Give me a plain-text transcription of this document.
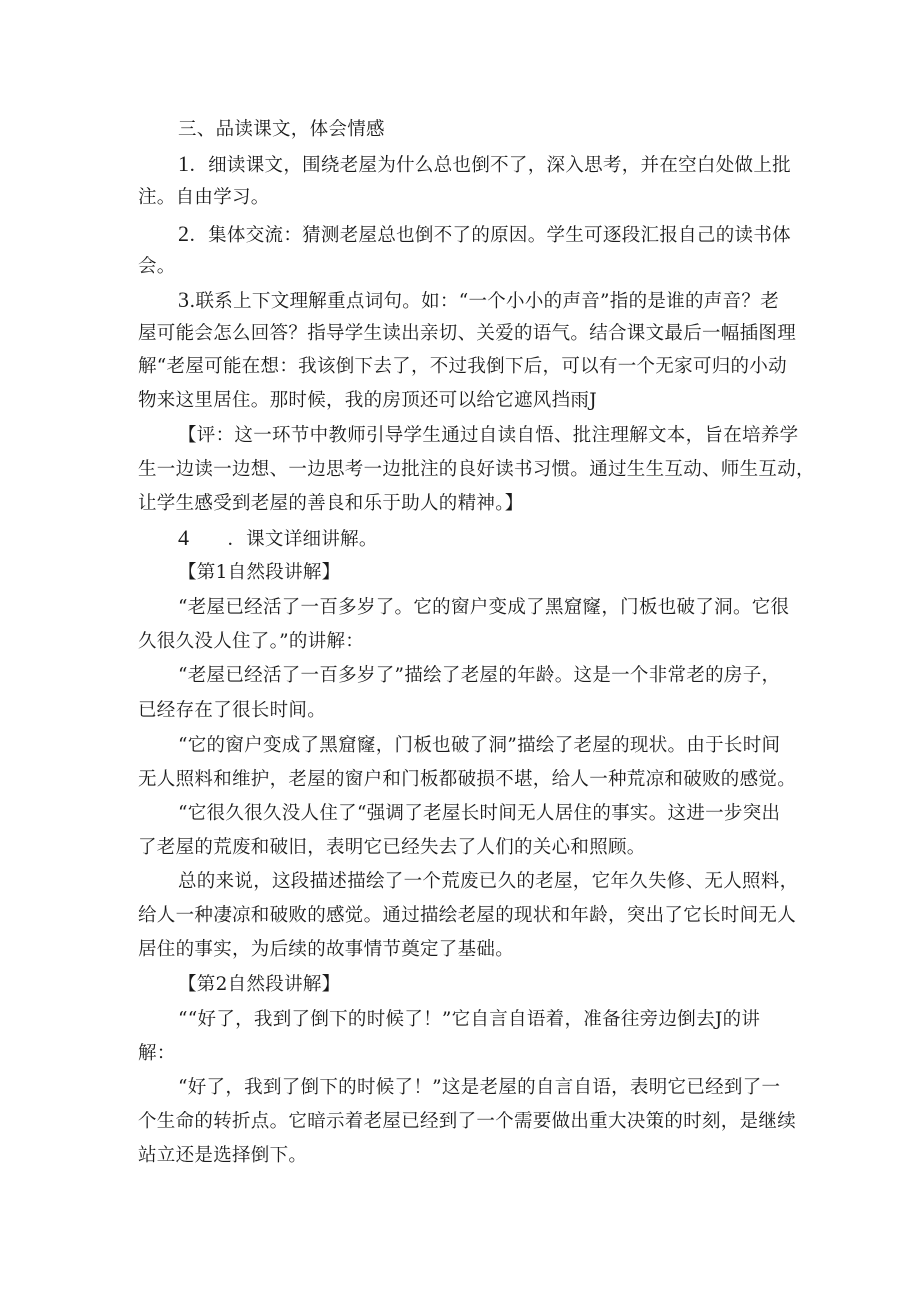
三、品读课文，体会情感
1．细读课文，围绕老屋为什么总也倒不了，深入思考，并在空白处做上批
注。自由学习。
2．集体交流：猜测老屋总也倒不了的原因。学生可逐段汇报自己的读书体
会。
3.联系上下文理解重点词句。如：“一个小小的声音”指的是谁的声音？老
屋可能会怎么回答？指导学生读出亲切、关爱的语气。结合课文最后一幅插图理
解“老屋可能在想：我该倒下去了，不过我倒下后，可以有一个无家可归的小动
物来这里居住。那时候，我的房顶还可以给它遮风挡雨J
【评：这一环节中教师引导学生通过自读自悟、批注理解文本，旨在培养学
生一边读一边想、一边思考一边批注的良好读书习惯。通过生生互动、师生互动，
让学生感受到老屋的善良和乐于助人的精神。】
4 ．课文详细讲解。
【第1自然段讲解】
“老屋已经活了一百多岁了。它的窗户变成了黑窟窿，门板也破了洞。它很
久很久没人住了。”的讲解：
“老屋已经活了一百多岁了”描绘了老屋的年龄。这是一个非常老的房子，
已经存在了很长时间。
“它的窗户变成了黑窟窿，门板也破了洞”描绘了老屋的现状。由于长时间
无人照料和维护，老屋的窗户和门板都破损不堪，给人一种荒凉和破败的感觉。
“它很久很久没人住了“强调了老屋长时间无人居住的事实。这进一步突出
了老屋的荒废和破旧，表明它已经失去了人们的关心和照顾。
总的来说，这段描述描绘了一个荒废已久的老屋，它年久失修、无人照料，
给人一种凄凉和破败的感觉。通过描绘老屋的现状和年龄，突出了它长时间无人
居住的事实，为后续的故事情节奠定了基础。
【第2自然段讲解】
““好了，我到了倒下的时候了！”它自言自语着，准备往旁边倒去J的讲
解：
“好了，我到了倒下的时候了！”这是老屋的自言自语，表明它已经到了一
个生命的转折点。它暗示着老屋已经到了一个需要做出重大决策的时刻，是继续
站立还是选择倒下。
